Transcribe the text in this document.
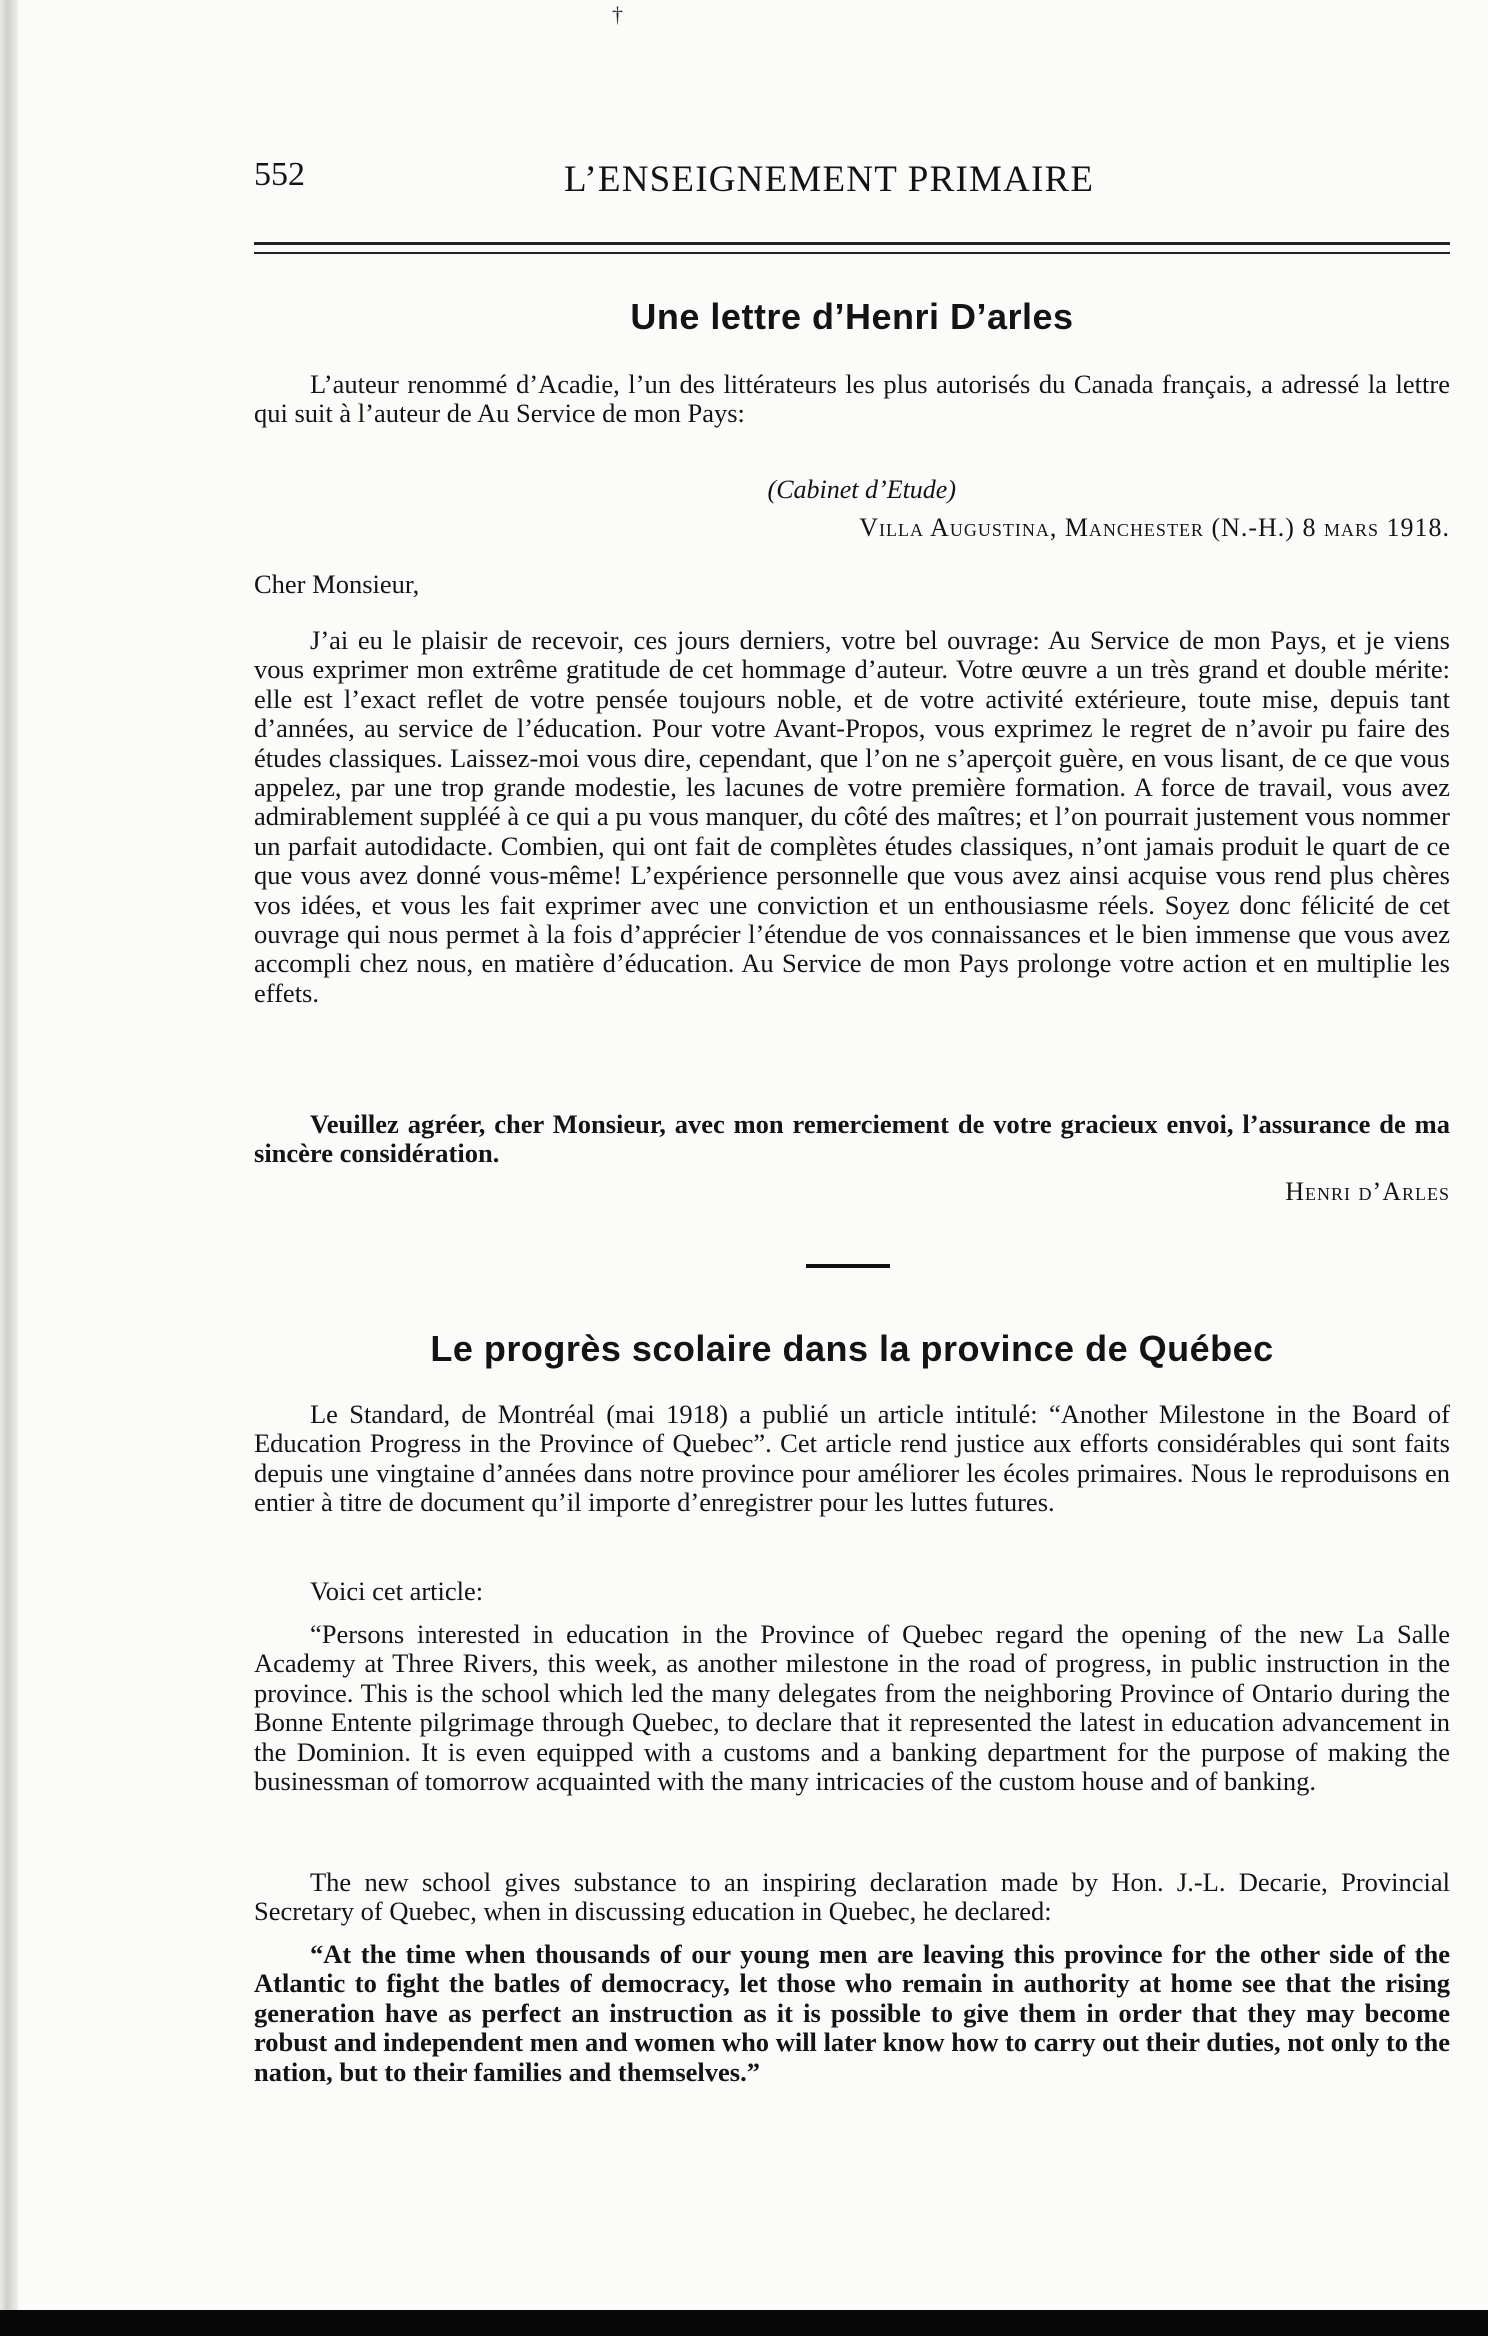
†
552	L’ENSEIGNEMENT PRIMAIRE
Une lettre d’Henri D’arles

L’auteur renommé d’Acadie, l’un des littérateurs les plus autorisés du Canada français, a adressé la lettre qui suit à l’auteur de Au Service de mon Pays:

(Cabinet d’Etude)

Villa Augustina, Manchester (N.-H.) 8 mars 1918.

Cher Monsieur,

J’ai eu le plaisir de recevoir, ces jours derniers, votre bel ouvrage: Au Service de mon Pays, et je viens vous exprimer mon extrême gratitude de cet hommage d’auteur. Votre œuvre a un très grand et double mérite: elle est l’exact reflet de votre pensée toujours noble, et de votre activité extérieure, toute mise, depuis tant d’années, au service de l’éducation. Pour votre Avant-Propos, vous exprimez le regret de n’avoir pu faire des études classiques. Laissez-moi vous dire, cependant, que l’on ne s’aperçoit guère, en vous lisant, de ce que vous appelez, par une trop grande modestie, les lacunes de votre première formation. A force de travail, vous avez admirablement suppléé à ce qui a pu vous manquer, du côté des maîtres; et l’on pourrait justement vous nommer un parfait autodidacte. Combien, qui ont fait de complètes études classiques, n’ont jamais produit le quart de ce que vous avez donné vous-même! L’expérience personnelle que vous avez ainsi acquise vous rend plus chères vos idées, et vous les fait exprimer avec une conviction et un enthousiasme réels. Soyez donc félicité de cet ouvrage qui nous permet à la fois d’apprécier l’étendue de vos connaissances et le bien immense que vous avez accompli chez nous, en matière d’éducation. Au Service de mon Pays prolonge votre action et en multiplie les effets.

Veuillez agréer, cher Monsieur, avec mon remerciement de votre gracieux envoi, l’assurance de ma sincère considération.

Henri d’Arles

Le progrès scolaire dans la province de Québec

Le Standard, de Montréal (mai 1918) a publié un article intitulé: “Another Milestone in the Board of Education Progress in the Province of Quebec”. Cet article rend justice aux efforts considérables qui sont faits depuis une vingtaine d’années dans notre province pour améliorer les écoles primaires. Nous le reproduisons en entier à titre de document qu’il importe d’enregistrer pour les luttes futures.

Voici cet article:

“Persons interested in education in the Province of Quebec regard the opening of the new La Salle Academy at Three Rivers, this week, as another milestone in the road of progress, in public instruction in the province. This is the school which led the many delegates from the neighboring Province of Ontario during the Bonne Entente pilgrimage through Quebec, to declare that it represented the latest in education advancement in the Dominion. It is even equipped with a customs and a banking department for the purpose of making the businessman of tomorrow acquainted with the many intricacies of the custom house and of banking.

The new school gives substance to an inspiring declaration made by Hon. J.-L. Decarie, Provincial Secretary of Quebec, when in discussing education in Quebec, he declared:

“At the time when thousands of our young men are leaving this province for the other side of the Atlantic to fight the batles of democracy, let those who remain in authority at home see that the rising generation have as perfect an instruction as it is possible to give them in order that they may become robust and independent men and women who will later know how to carry out their duties, not only to the nation, but to their families and themselves.”
